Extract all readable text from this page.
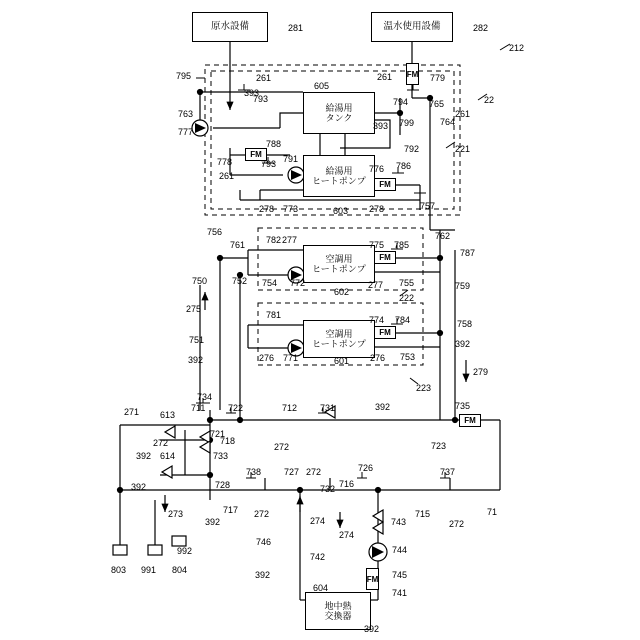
原水設備	温水使用設備
給湯用
タンク
給湯用
ヒートポンプ
空調用
ヒートポンプ
空調用
ヒートポンプ
地中熱
交換器
FM
FM
FM
FM
FM
FM
FM
281	282
212
795	261	261	779
605
22
393
793	794 765
763
764
777
799
261
393
792
788	221
791
778	793
261
776 786
757
278 773	603 278
756
782 277	775 785
762
761
787
750	752 754 772	277 755	759
275
602
222
781	774 784	758
751
392	276 771	601 276 753
392
223
279
734
735
271 613
711	722	712	731	392
721
272	718
272	723
392 614	733
738	727 272	726	737
392	728	732 716
715	71
273	717 272
392	274	743	272
274
746
744
992
742
745
803 991 804	392
741
604
392
